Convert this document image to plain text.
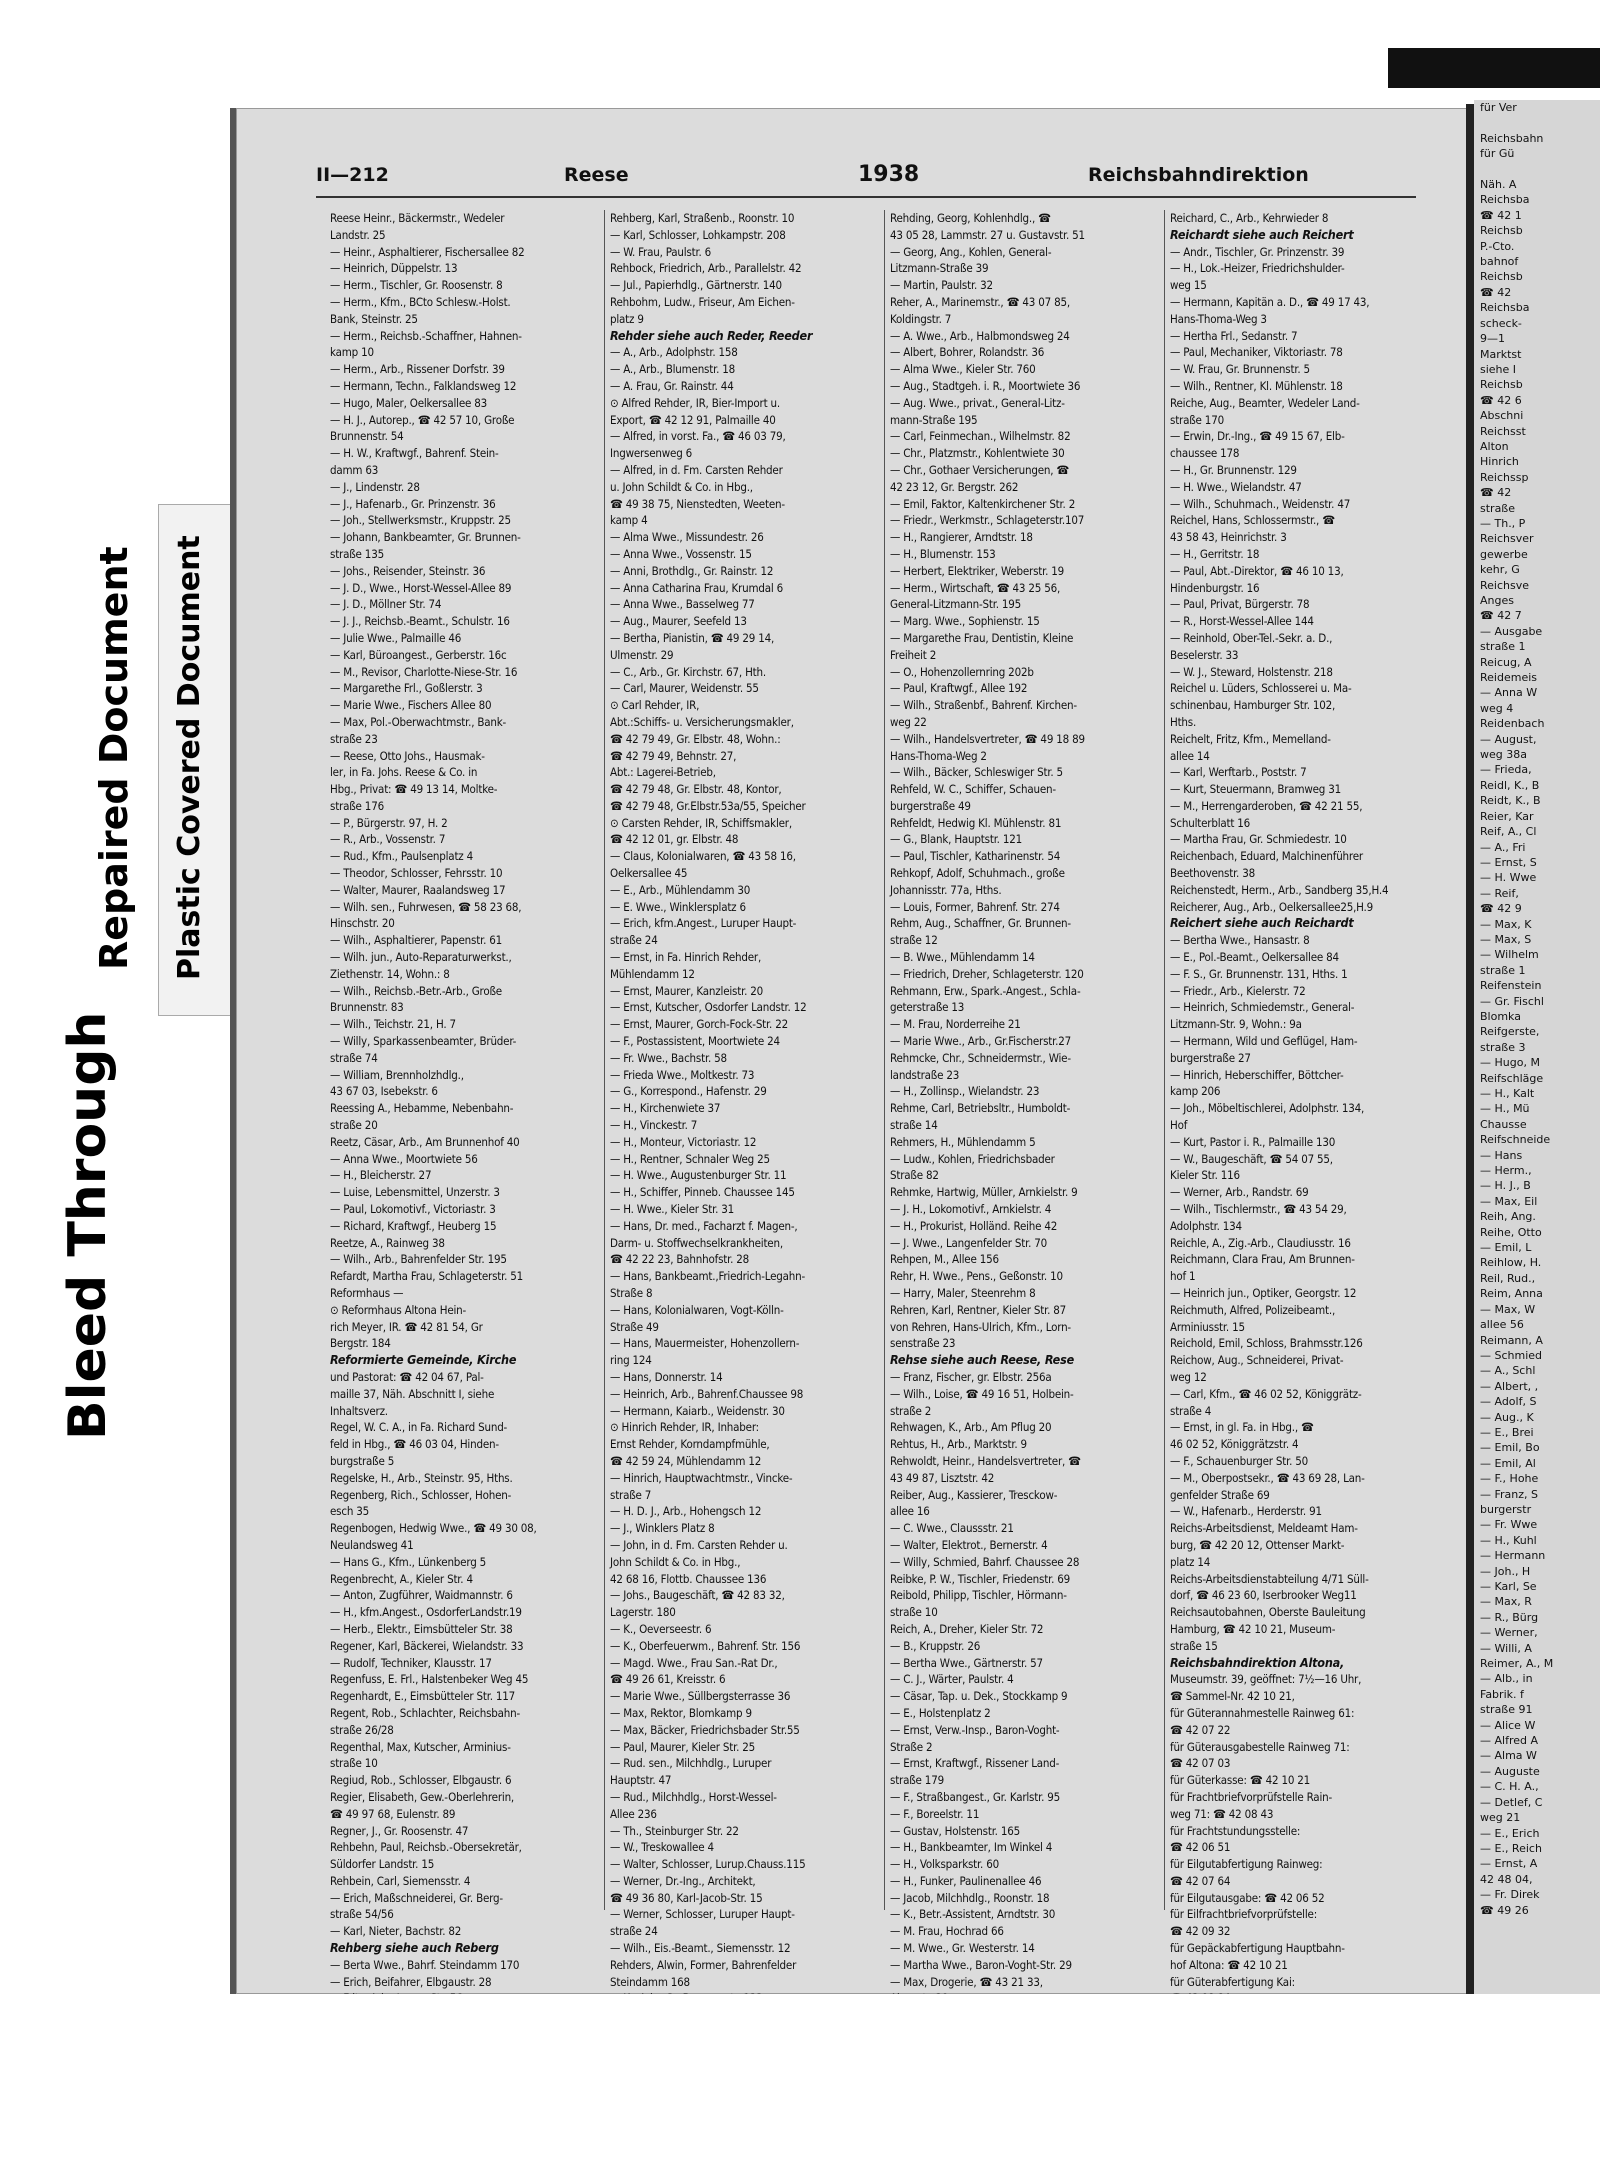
Bleed Through
Repaired Document Plastic Covered Document
für Ver

Reichsbahn
für Gü

Näh. A
Reichsba
☎ 42 1
Reichsb
P.-Cto.
bahnof
Reichsb
☎ 42
Reichsba
scheck-
9—1
Marktst
siehe I
Reichsb
☎ 42 6
Abschni
Reichsst
Alton
Hinrich
Reichssp
☎ 42
straße
— Th., P
Reichsver
gewerbe
kehr, G
Reichsve
Anges
☎ 42 7
— Ausgabe
straße 1
Reicug, A
Reidemeis
— Anna W
weg 4
Reidenbach
— August,
weg 38a
— Frieda,
Reidl, K., B
Reidt, K., B
Reier, Kar
Reif, A., Cl
— A., Fri
— Ernst, S
— H. Wwe
— Reif,
☎ 42 9
— Max, K
— Max, S
— Wilhelm
straße 1
Reifenstein
— Gr. Fischl
Blomka
Reifgerste,
straße 3
— Hugo, M
Reifschläge
— H., Kalt
— H., Mü
Chausse
Reifschneide
— Hans
— Herm.,
— H. J., B
— Max, Eil
Reih, Ang.
Reihe, Otto
— Emil, L
Reihlow, H.
Reil, Rud.,
Reim, Anna
— Max, W
allee 56
Reimann, A
— Schmied
— A., Schl
— Albert, ,
— Adolf, S
— Aug., K
— E., Brei
— Emil, Bo
— Emil, Al
— F., Hohe
— Franz, S
burgerstr
— Fr. Wwe
— H., Kuhl
— Hermann
— Joh., H
— Karl, Se
— Max, R
— R., Bürg
— Werner,
— Willi, A
Reimer, A., M
— Alb., in
Fabrik. f
straße 91
— Alice W
— Alfred A
— Alma W
— Auguste
— C. H. A.,
— Detlef, C
weg 21
— E., Erich
— E., Reich
— Ernst, A
42 48 04,
— Fr. Direk
☎ 49 26
II—212	Reese	1938	Reichsbahndirektion
Reese Heinr., Bäckermstr., Wedeler
Landstr. 25
— Heinr., Asphaltierer, Fischersallee 82
— Heinrich, Düppelstr. 13
— Herm., Tischler, Gr. Roosenstr. 8
— Herm., Kfm., BCto Schlesw.-Holst.
Bank, Steinstr. 25
— Herm., Reichsb.-Schaffner, Hahnen-
kamp 10
— Herm., Arb., Rissener Dorfstr. 39
— Hermann, Techn., Falklandsweg 12
— Hugo, Maler, Oelkersallee 83
— H. J., Autorep., ☎ 42 57 10, Große
Brunnenstr. 54
— H. W., Kraftwgf., Bahrenf. Stein-
damm 63
— J., Lindenstr. 28
— J., Hafenarb., Gr. Prinzenstr. 36
— Joh., Stellwerksmstr., Kruppstr. 25
— Johann, Bankbeamter, Gr. Brunnen-
straße 135
— Johs., Reisender, Steinstr. 36
— J. D., Wwe., Horst-Wessel-Allee 89
— J. D., Möllner Str. 74
— J. J., Reichsb.-Beamt., Schulstr. 16
— Julie Wwe., Palmaille 46
— Karl, Bürоangest., Gerberstr. 16c
— M., Revisor, Charlotte-Niese-Str. 16
— Margarethe Frl., Goßlerstr. 3
— Marie Wwe., Fischers Allee 80
— Max, Pol.-Oberwachtmstr., Bank-
straße 23
— Reese, Otto Johs., Hausmak-
ler, in Fa. Johs. Reese & Co. in
Hbg., Privat: ☎ 49 13 14, Moltke-
straße 176
— P., Bürgerstr. 97, H. 2
— R., Arb., Vossenstr. 7
— Rud., Kfm., Paulsenplatz 4
— Theodor, Schlosser, Fehrsstr. 10
— Walter, Maurer, Raalandsweg 17
— Wilh. sen., Fuhrwesen, ☎ 58 23 68,
Hinschstr. 20
— Wilh., Asphaltierer, Papenstr. 61
— Wilh. jun., Auto-Reparaturwerkst.,
Ziethenstr. 14, Wohn.: 8
— Wilh., Reichsb.-Betr.-Arb., Große
Brunnenstr. 83
— Wilh., Teichstr. 21, H. 7
— Willy, Sparkassenbeamter, Brüder-
straße 74
— William, Brennholzhdlg.,
43 67 03, Isebekstr. 6
Reessing A., Hebamme, Nebenbahn-
straße 20
Reetz, Cäsar, Arb., Am Brunnenhof 40
— Anna Wwe., Moortwiete 56
— H., Bleicherstr. 27
— Luise, Lebensmittel, Unzerstr. 3
— Paul, Lokomotivf., Victoriastr. 3
— Richard, Kraftwgf., Heuberg 15
Reetze, A., Rainweg 38
— Wilh., Arb., Bahrenfelder Str. 195
Refardt, Martha Frau, Schlageterstr. 51
Reformhaus —
⊙ Reformhaus Altona Hein-
rich Meyer, IR. ☎ 42 81 54, Gr
Bergstr. 184
Reformierte Gemeinde, Kirche
und Pastorat: ☎ 42 04 67, Pal-
maille 37, Näh. Abschnitt I, siehe
Inhaltsverz.
Regel, W. C. A., in Fa. Richard Sund-
feld in Hbg., ☎ 46 03 04, Hinden-
burgstraße 5
Regelske, H., Arb., Steinstr. 95, Hths.
Regenberg, Rich., Schlosser, Hohen-
esch 35
Regenbogen, Hedwig Wwe., ☎ 49 30 08,
Neulandsweg 41
— Hans G., Kfm., Lünkenberg 5
Regenbrecht, A., Kieler Str. 4
— Anton, Zugführer, Waidmannstr. 6
— H., kfm.Angest., OsdorferLandstr.19
— Herb., Elektr., Eimsbütteler Str. 38
Regener, Karl, Bäckerei, Wielandstr. 33
— Rudolf, Techniker, Klausstr. 17
Regenfuss, E. Frl., Halstenbeker Weg 45
Regenhardt, E., Eimsbütteler Str. 117
Regent, Rob., Schlachter, Reichsbahn-
straße 26/28
Regenthal, Max, Kutscher, Arminius-
straße 10
Regiud, Rob., Schlosser, Elbgaustr. 6
Regier, Elisabeth, Gew.-Oberlehrerin,
☎ 49 97 68, Eulenstr. 89
Regner, J., Gr. Roosenstr. 47
Rehbehn, Paul, Reichsb.-Obersekretär,
Süldorfer Landstr. 15
Rehbein, Carl, Siemensstr. 4
— Erich, Maßschneiderei, Gr. Berg-
straße 54/56
— Karl, Nieter, Bachstr. 82
Rehberg siehe auch Reberg
— Berta Wwe., Bahrf. Steindamm 170
— Erich, Beifahrer, Elbgaustr. 28
Rehberg, Karl, Straßenb., Roonstr. 10
— Karl, Schlosser, Lohkampstr. 208
— W. Frau, Paulstr. 6
Rehbock, Friedrich, Arb., Parallelstr. 42
— Jul., Papierhdlg., Gärtnerstr. 140
Rehbohm, Ludw., Friseur, Am Eichen-
platz 9
Rehder siehe auch Reder, Reeder
— A., Arb., Adolphstr. 158
— A., Arb., Blumenstr. 18
— A. Frau, Gr. Rainstr. 44
⊙ Alfred Rehder, IR, Bier-Import u.
Export, ☎ 42 12 91, Palmaille 40
— Alfred, in vorst. Fa., ☎ 46 03 79,
Ingwersenweg 6
— Alfred, in d. Fm. Carsten Rehder
u. John Schildt & Co. in Hbg.,
☎ 49 38 75, Nienstedten, Weeten-
kamp 4
— Alma Wwe., Missundestr. 26
— Anna Wwe., Vossenstr. 15
— Anni, Brothdlg., Gr. Rainstr. 12
— Anna Catharina Frau, Krumdal 6
— Anna Wwe., Basselweg 77
— Aug., Maurer, Seefeld 13
— Bertha, Pianistin, ☎ 49 29 14,
Ulmenstr. 29
— C., Arb., Gr. Kirchstr. 67, Hth.
— Carl, Maurer, Weidenstr. 55
⊙ Carl Rehder, IR,
Abt.:Schiffs- u. Versicherungsmakler,
☎ 42 79 49, Gr. Elbstr. 48, Wohn.:
☎ 42 79 49, Behnstr. 27,
Abt.: Lagerei-Betrieb,
☎ 42 79 48, Gr. Elbstr. 48, Kontor,
☎ 42 79 48, Gr.Elbstr.53a/55, Speicher
⊙ Carsten Rehder, IR, Schiffsmakler,
☎ 42 12 01, gr. Elbstr. 48
— Claus, Kolonialwaren, ☎ 43 58 16,
Oelkersallee 45
— E., Arb., Mühlendamm 30
— E. Wwe., Winklersplatz 6
— Erich, kfm.Angest., Luruper Haupt-
straße 24
— Ernst, in Fa. Hinrich Rehder,
Mühlendamm 12
— Ernst, Maurer, Kanzleistr. 20
— Ernst, Kutscher, Osdorfer Landstr. 12
— Ernst, Maurer, Gorch-Fock-Str. 22
— F., Postassistent, Moortwiete 24
— Fr. Wwe., Bachstr. 58
— Frieda Wwe., Moltkestr. 73
— G., Korrespond., Hafenstr. 29
— H., Kirchenwiete 37
— H., Vinckestr. 7
— H., Monteur, Victoriastr. 12
— H., Rentner, Schnaler Weg 25
— H. Wwe., Augustenburger Str. 11
— H., Schiffer, Pinneb. Chaussee 145
— H. Wwe., Kieler Str. 31
— Hans, Dr. med., Facharzt f. Magen-,
Darm- u. Stoffwechselkrankheiten,
☎ 42 22 23, Bahnhofstr. 28
— Hans, Bankbeamt.,Friedrich-Legahn-
Straße 8
— Hans, Kolonialwaren, Vogt-Kölln-
Straße 49
— Hans, Mauermeister, Hohenzollern-
ring 124
— Hans, Donnerstr. 14
— Heinrich, Arb., Bahrenf.Chaussee 98
— Hermann, Kaiarb., Weidenstr. 30
⊙ Hinrich Rehder, IR, Inhaber:
Ernst Rehder, Korndampfmühle,
☎ 42 59 24, Mühlendamm 12
— Hinrich, Hauptwachtmstr., Vincke-
straße 7
— H. D. J., Arb., Hohengsch 12
— J., Winklers Platz 8
— John, in d. Fm. Carsten Rehder u.
John Schildt & Co. in Hbg.,
42 68 16, Flottb. Chaussee 136
— Johs., Baugeschäft, ☎ 42 83 32,
Lagerstr. 180
— K., Oeverseestr. 6
— K., Oberfeuerwm., Bahrenf. Str. 156
— Magd. Wwe., Frau San.-Rat Dr.,
☎ 49 26 61, Kreisstr. 6
— Marie Wwe., Süllbergsterrasse 36
— Max, Rektor, Blomkamp 9
— Max, Bäcker, Friedrichsbader Str.55
— Paul, Maurer, Kieler Str. 25
— Rud. sen., Milchhdlg., Luruper
Hauptstr. 47
— Rud., Milchhdlg., Horst-Wessel-
Allee 236
— Th., Steinburger Str. 22
— W., Treskowallee 4
— Walter, Schlosser, Lurup.Chauss.115
— Werner, Dr.-Ing., Architekt,
☎ 49 36 80, Karl-Jacob-Str. 15
— Werner, Schlosser, Luruper Haupt-
straße 24
— Wilh., Eis.-Beamt., Siemensstr. 12
Rehders, Alwin, Former, Bahrenfelder
Steindamm 168
Rehding, Georg, Kohlenhdlg., ☎
43 05 28, Lammstr. 27 u. Gustavstr. 51
— Georg, Ang., Kohlen, General-
Litzmann-Straße 39
— Martin, Paulstr. 32
Reher, A., Marinemstr., ☎ 43 07 85,
Koldingstr. 7
— A. Wwe., Arb., Halbmondsweg 24
— Albert, Bohrer, Rolandstr. 36
— Alma Wwe., Kieler Str. 760
— Aug., Stadtgeh. i. R., Moortwiete 36
— Aug. Wwe., privat., General-Litz-
mann-Straße 195
— Carl, Feinmechan., Wilhelmstr. 82
— Chr., Platzmstr., Kohlentwiete 30
— Chr., Gothaer Versicherungen, ☎
42 23 12, Gr. Bergstr. 262
— Emil, Faktor, Kaltenkirchener Str. 2
— Friedr., Werkmstr., Schlageterstr.107
— H., Rangierer, Arndtstr. 18
— H., Blumenstr. 153
— Herbert, Elektriker, Weberstr. 19
— Herm., Wirtschaft, ☎ 43 25 56,
General-Litzmann-Str. 195
— Marg. Wwe., Sophienstr. 15
— Margarethe Frau, Dentistin, Kleine
Freiheit 2
— O., Hohenzollernring 202b
— Paul, Kraftwgf., Allee 192
— Wilh., Straßenbf., Bahrenf. Kirchen-
weg 22
— Wilh., Handelsvertreter, ☎ 49 18 89
Hans-Thoma-Weg 2
— Wilh., Bäcker, Schleswiger Str. 5
Rehfeld, W. C., Schiffer, Schauen-
burgerstraße 49
Rehfeldt, Hedwig Kl. Mühlenstr. 81
— G., Blank, Hauptstr. 121
— Paul, Tischler, Katharinenstr. 54
Rehkopf, Adolf, Schuhmach., große
Johannisstr. 77a, Hths.
— Louis, Former, Bahrenf. Str. 274
Rehm, Aug., Schaffner, Gr. Brunnen-
straße 12
— B. Wwe., Mühlendamm 14
— Friedrich, Dreher, Schlageterstr. 120
Rehmann, Erw., Spark.-Angest., Schla-
geterstraße 13
— M. Frau, Norderreihe 21
— Marie Wwe., Arb., Gr.Fischerstr.27
Rehmcke, Chr., Schneidermstr., Wie-
landstraße 23
— H., Zollinsp., Wielandstr. 23
Rehme, Carl, Betriebsltr., Humboldt-
straße 14
Rehmers, H., Mühlendamm 5
— Ludw., Kohlen, Friedrichsbader
Straße 82
Rehmke, Hartwig, Müller, Arnkielstr. 9
— J. H., Lokomotivf., Arnkielstr. 4
— H., Prokurist, Holländ. Reihe 42
— J. Wwe., Langenfelder Str. 70
Rehpen, M., Allee 156
Rehr, H. Wwe., Pens., Geßonstr. 10
— Harry, Maler, Steenrehm 8
Rehren, Karl, Rentner, Kieler Str. 87
von Rehren, Hans-Ulrich, Kfm., Lorn-
senstraße 23
Rehse siehe auch Reese, Rese
— Franz, Fischer, gr. Elbstr. 256a
— Wilh., Loise, ☎ 49 16 51, Holbein-
straße 2
Rehwagen, K., Arb., Am Pflug 20
Rehtus, H., Arb., Marktstr. 9
Rehwoldt, Heinr., Handelsvertreter, ☎
43 49 87, Lisztstr. 42
Reiber, Aug., Kassierer, Tresckow-
allee 16
— C. Wwe., Claussstr. 21
— Walter, Elektrot., Bernerstr. 4
— Willy, Schmied, Bahrf. Chaussee 28
Reibke, P. W., Tischler, Friedenstr. 69
Reibold, Philipp, Tischler, Hörmann-
straße 10
Reich, A., Dreher, Kieler Str. 72
— B., Kruppstr. 26
— Bertha Wwe., Gärtnerstr. 57
— C. J., Wärter, Paulstr. 4
— Cäsar, Tap. u. Dek., Stockkamp 9
— E., Holstenplatz 2
— Ernst, Verw.-Insp., Baron-Voght-
Straße 2
— Ernst, Kraftwgf., Rissener Land-
straße 179
— F., Straßbangest., Gr. Karlstr. 95
— F., Boreelstr. 11
— Gustav, Holstenstr. 165
— H., Bankbeamter, Im Winkel 4
— H., Volksparkstr. 60
— H., Funker, Paulinenallee 46
— Jacob, Milchhdlg., Roonstr. 18
— K., Betr.-Assistent, Arndtstr. 30
— M. Frau, Hochrad 66
— M. Wwe., Gr. Westerstr. 14
— Martha Wwe., Baron-Voght-Str. 29
— Max, Drogerie, ☎ 43 21 33,
Reichard, C., Arb., Kehrwieder 8
Reichardt siehe auch Reichert
— Andr., Tischler, Gr. Prinzenstr. 39
— H., Lok.-Heizer, Friedrichshulder-
weg 15
— Hermann, Kapitän a. D., ☎ 49 17 43,
Hans-Thoma-Weg 3
— Hertha Frl., Sedanstr. 7
— Paul, Mechaniker, Viktoriastr. 78
— W. Frau, Gr. Brunnenstr. 5
— Wilh., Rentner, Kl. Mühlenstr. 18
Reiche, Aug., Beamter, Wedeler Land-
straße 170
— Erwin, Dr.-Ing., ☎ 49 15 67, Elb-
chaussee 178
— H., Gr. Brunnenstr. 129
— H. Wwe., Wielandstr. 47
— Wilh., Schuhmach., Weidenstr. 47
Reichel, Hans, Schlossermstr., ☎
43 58 43, Heinrichstr. 3
— H., Gerritstr. 18
— Paul, Abt.-Direktor, ☎ 46 10 13,
Hindenburgstr. 16
— Paul, Privat, Bürgerstr. 78
— R., Horst-Wessel-Allee 144
— Reinhold, Ober-Tel.-Sekr. a. D.,
Beselerstr. 33
— W. J., Steward, Holstenstr. 218
Reichel u. Lüders, Schlosserei u. Ma-
schinenbau, Hamburger Str. 102,
Hths.
Reichelt, Fritz, Kfm., Memelland-
allee 14
— Karl, Werftarb., Poststr. 7
— Kurt, Steuermann, Bramweg 31
— M., Herrengarderoben, ☎ 42 21 55,
Schulterblatt 16
— Martha Frau, Gr. Schmiedestr. 10
Reichenbach, Eduard, Malchinenführer
Beethovenstr. 38
Reichenstedt, Herm., Arb., Sandberg 35,H.4
Reicherer, Aug., Arb., Oelkersallee25,H.9
Reichert siehe auch Reichardt
— Bertha Wwe., Hansastr. 8
— E., Pol.-Beamt., Oelkersallee 84
— F. S., Gr. Brunnenstr. 131, Hths. 1
— Friedr., Arb., Kielerstr. 72
— Heinrich, Schmiedemstr., General-
Litzmann-Str. 9, Wohn.: 9a
— Hermann, Wild und Geflügel, Ham-
burgerstraße 27
— Hinrich, Heberschiffer, Böttcher-
kamp 206
— Joh., Möbeltischlerei, Adolphstr. 134,
Hof
— Kurt, Pastor i. R., Palmaille 130
— W., Baugeschäft, ☎ 54 07 55,
Kieler Str. 116
— Werner, Arb., Randstr. 69
— Wilh., Tischlermstr., ☎ 43 54 29,
Adolphstr. 134
Reichle, A., Zig.-Arb., Claudiusstr. 16
Reichmann, Clara Frau, Am Brunnen-
hof 1
— Heinrich jun., Optiker, Georgstr. 12
Reichmuth, Alfred, Polizeibeamt.,
Arminiusstr. 15
Reichold, Emil, Schloss, Brahmsstr.126
Reichow, Aug., Schneiderei, Privat-
weg 12
— Carl, Kfm., ☎ 46 02 52, Königgrätz-
straße 4
— Ernst, in gl. Fa. in Hbg., ☎
46 02 52, Königgrätzstr. 4
— F., Schauenburger Str. 50
— M., Oberpostsekr., ☎ 43 69 28, Lan-
genfelder Straße 69
— W., Hafenarb., Herderstr. 91
Reichs-Arbeitsdienst, Meldeamt Ham-
burg, ☎ 42 20 12, Ottenser Markt-
platz 14
Reichs-Arbeitsdienstabteilung 4/71 Süll-
dorf, ☎ 46 23 60, Iserbrooker Weg11
Reichsautobahnen, Oberste Bauleitung
Hamburg, ☎ 42 10 21, Museum-
straße 15
Reichsbahndirektion Altona,
Museumstr. 39, geöffnet: 7½—16 Uhr,
☎ Sammel-Nr. 42 10 21,
für Güterannahmestelle Rainweg 61:
☎ 42 07 22
für Güterausgabestelle Rainweg 71:
☎ 42 07 03
für Güterkasse: ☎ 42 10 21
für Frachtbriefvorprüfstelle Rain-
weg 71: ☎ 42 08 43
für Frachtstundungsstelle:
☎ 42 06 51
für Eilgutabfertigung Rainweg:
☎ 42 07 64
für Eilgutausgabe: ☎ 42 06 52
für Eilfrachtbriefvorprüfstelle:
☎ 42 09 32
für Gepäckabfertigung Hauptbahn-
hof Altona: ☎ 42 10 21
für Güterabfertigung Kai:
